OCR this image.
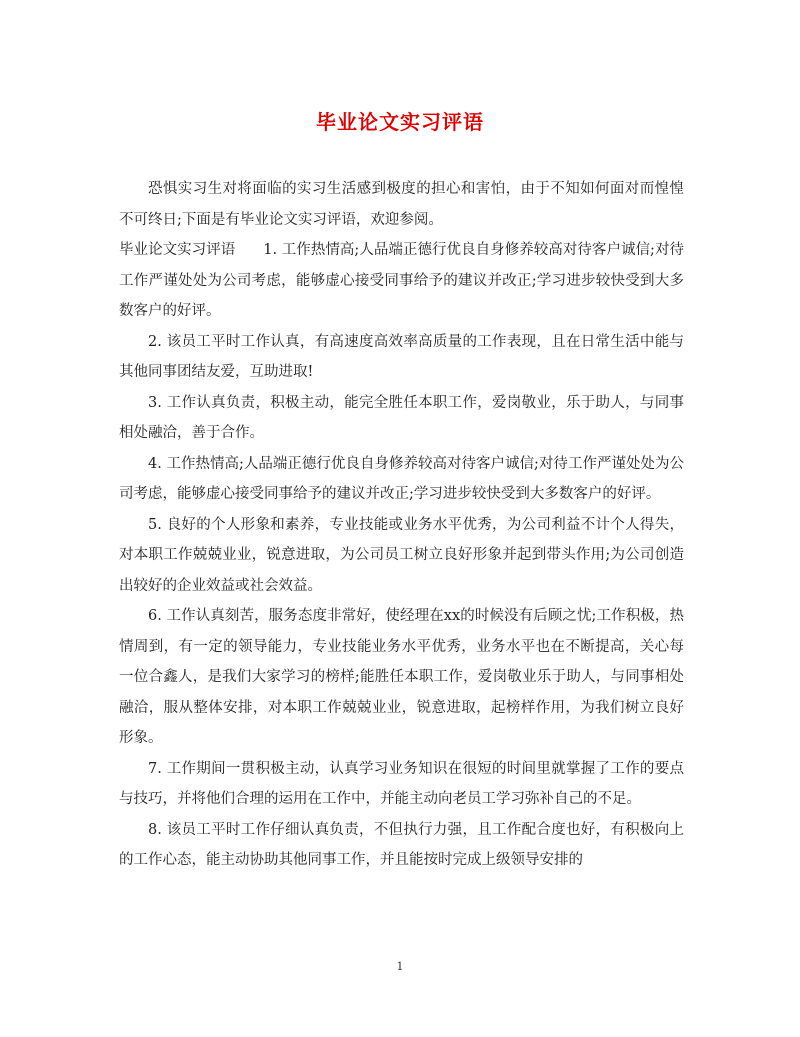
毕业论文实习评语

恐惧实习生对将面临的实习生活感到极度的担心和害怕，由于不知如何面对而惶惶不可终日;下面是有毕业论文实习评语，欢迎参阅。

毕业论文实习评语 1. 工作热情高;人品端正德行优良自身修养较高对待客户诚信;对待工作严谨处处为公司考虑，能够虚心接受同事给予的建议并改正;学习进步较快受到大多数客户的好评。

2. 该员工平时工作认真，有高速度高效率高质量的工作表现，且在日常生活中能与其他同事团结友爱，互助进取!

3. 工作认真负责，积极主动，能完全胜任本职工作，爱岗敬业，乐于助人，与同事相处融洽，善于合作。

4. 工作热情高;人品端正德行优良自身修养较高对待客户诚信;对待工作严谨处处为公司考虑，能够虚心接受同事给予的建议并改正;学习进步较快受到大多数客户的好评。

5. 良好的个人形象和素养，专业技能或业务水平优秀，为公司利益不计个人得失，对本职工作兢兢业业，锐意进取，为公司员工树立良好形象并起到带头作用;为公司创造出较好的企业效益或社会效益。

6. 工作认真刻苦，服务态度非常好，使经理在xx的时候没有后顾之忧;工作积极，热情周到，有一定的领导能力，专业技能业务水平优秀，业务水平也在不断提高，关心每一位合鑫人，是我们大家学习的榜样;能胜任本职工作，爱岗敬业乐于助人，与同事相处融洽，服从整体安排，对本职工作兢兢业业，锐意进取，起榜样作用，为我们树立良好形象。

7. 工作期间一贯积极主动，认真学习业务知识在很短的时间里就掌握了工作的要点与技巧，并将他们合理的运用在工作中，并能主动向老员工学习弥补自己的不足。

8. 该员工平时工作仔细认真负责，不但执行力强，且工作配合度也好，有积极向上的工作心态，能主动协助其他同事工作，并且能按时完成上级领导安排的

1
